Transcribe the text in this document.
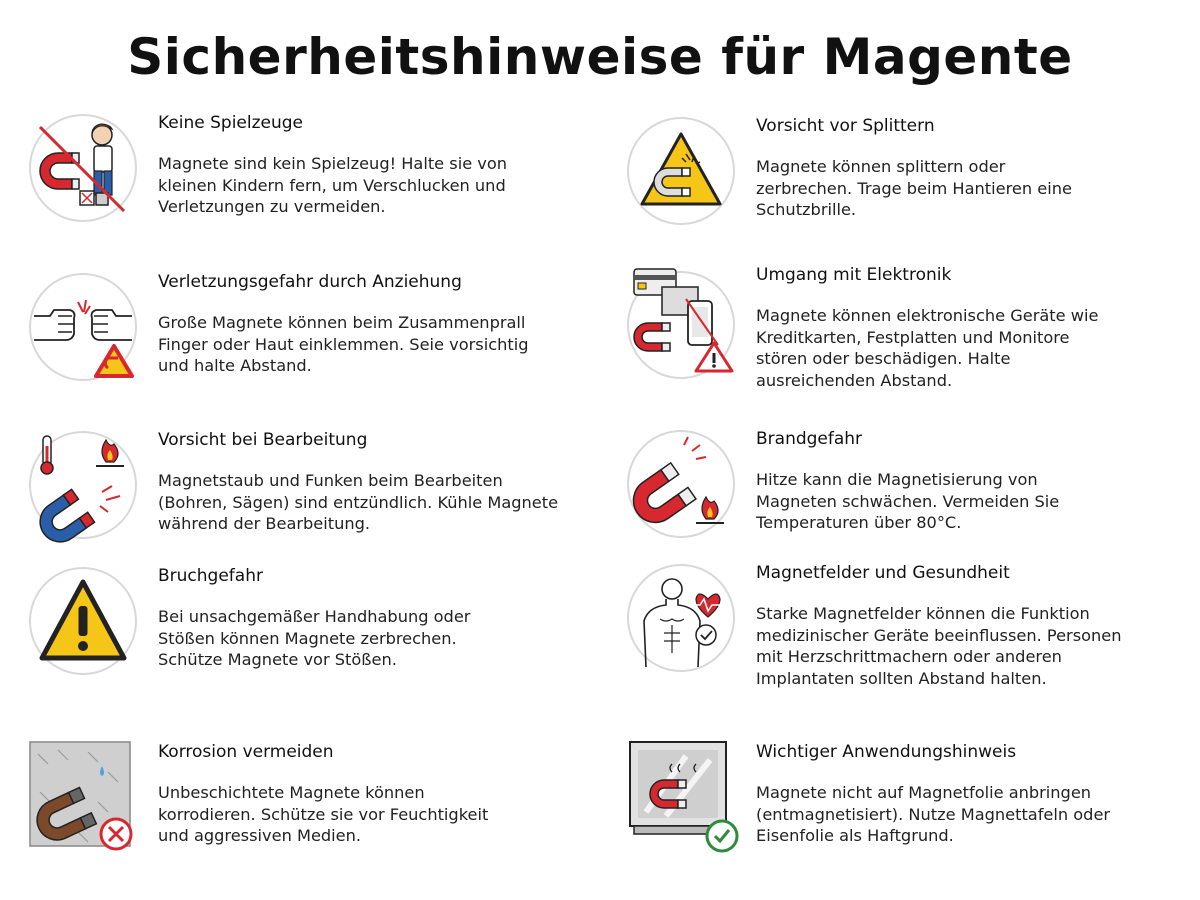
Sicherheitshinweise für Magente
Keine Spielzeuge

Magnete sind kein Spielzeug! Halte sie von
kleinen Kindern fern, um Verschlucken und
Verletzungen zu vermeiden.

Verletzungsgefahr durch Anziehung

Große Magnete können beim Zusammenprall
Finger oder Haut einklemmen. Seie vorsichtig
und halte Abstand.

Vorsicht bei Bearbeitung

Magnetstaub und Funken beim Bearbeiten
(Bohren, Sägen) sind entzündlich. Kühle Magnete
während der Bearbeitung.

Bruchgefahr

Bei unsachgemäßer Handhabung oder
Stößen können Magnete zerbrechen.
Schütze Magnete vor Stößen.

Korrosion vermeiden

Unbeschichtete Magnete können
korrodieren. Schütze sie vor Feuchtigkeit
und aggressiven Medien.

Vorsicht vor Splittern

Magnete können splittern oder
zerbrechen. Trage beim Hantieren eine
Schutzbrille.

Umgang mit Elektronik

Magnete können elektronische Geräte wie
Kreditkarten, Festplatten und Monitore
stören oder beschädigen. Halte
ausreichenden Abstand.

Brandgefahr

Hitze kann die Magnetisierung von
Magneten schwächen. Vermeiden Sie
Temperaturen über 80°C.

Magnetfelder und Gesundheit

Starke Magnetfelder können die Funktion
medizinischer Geräte beeinflussen. Personen
mit Herzschrittmachern oder anderen
Implantaten sollten Abstand halten.

Wichtiger Anwendungshinweis

Magnete nicht auf Magnetfolie anbringen
(entmagnetisiert). Nutze Magnettafeln oder
Eisenfolie als Haftgrund.
